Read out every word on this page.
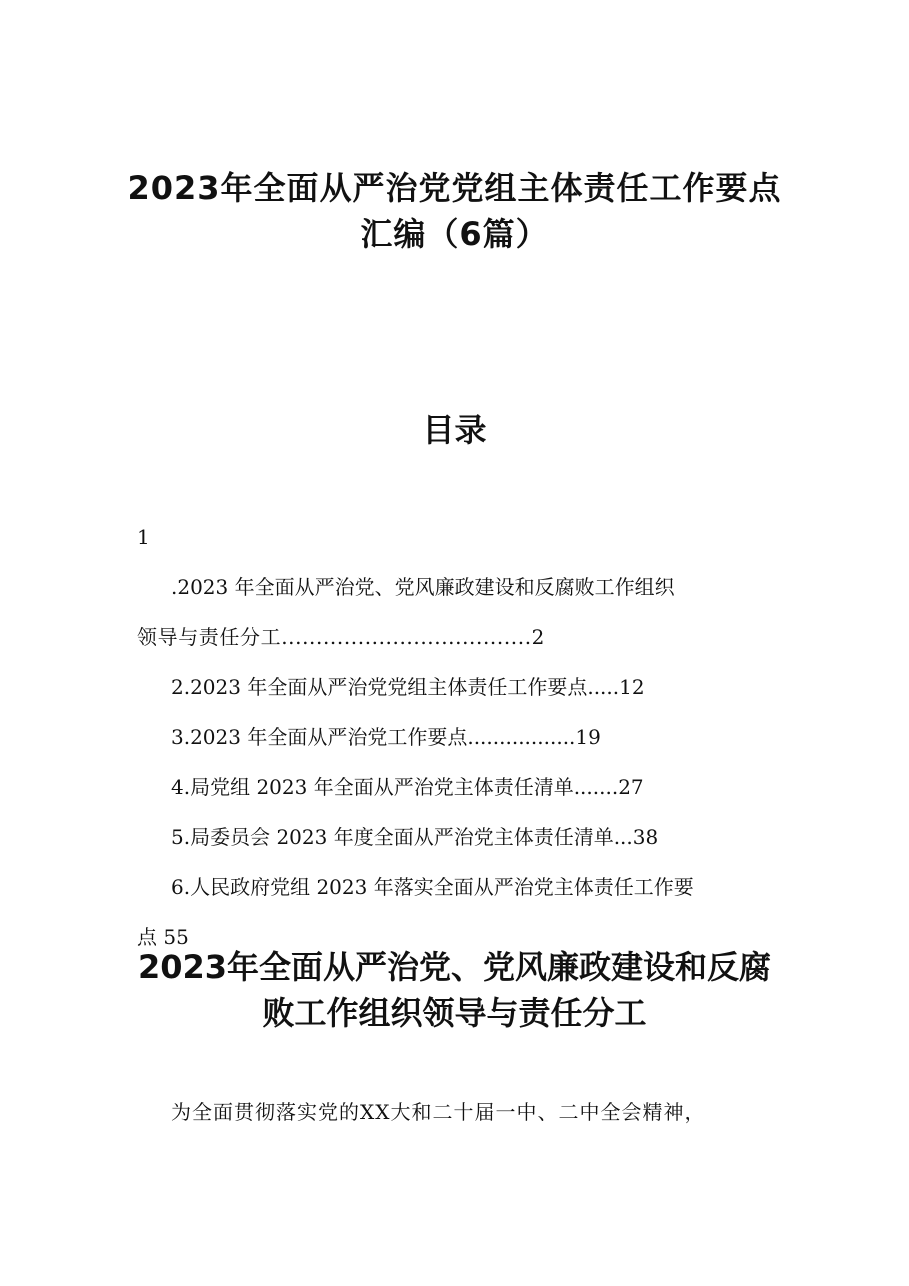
2023年全面从严治党党组主体责任工作要点
汇编（6篇）
目录
1
.2023 年全面从严治党、党风廉政建设和反腐败工作组织
领导与责任分工....................................2
2.2023 年全面从严治党党组主体责任工作要点.....12
3.2023 年全面从严治党工作要点.................19
4.局党组 2023 年全面从严治党主体责任清单.......27
5.局委员会 2023 年度全面从严治党主体责任清单...38
6.人民政府党组 2023 年落实全面从严治党主体责任工作要
点 55
2023年全面从严治党、党风廉政建设和反腐
败工作组织领导与责任分工
为全面贯彻落实党的XX大和二十届一中、二中全会精神，
